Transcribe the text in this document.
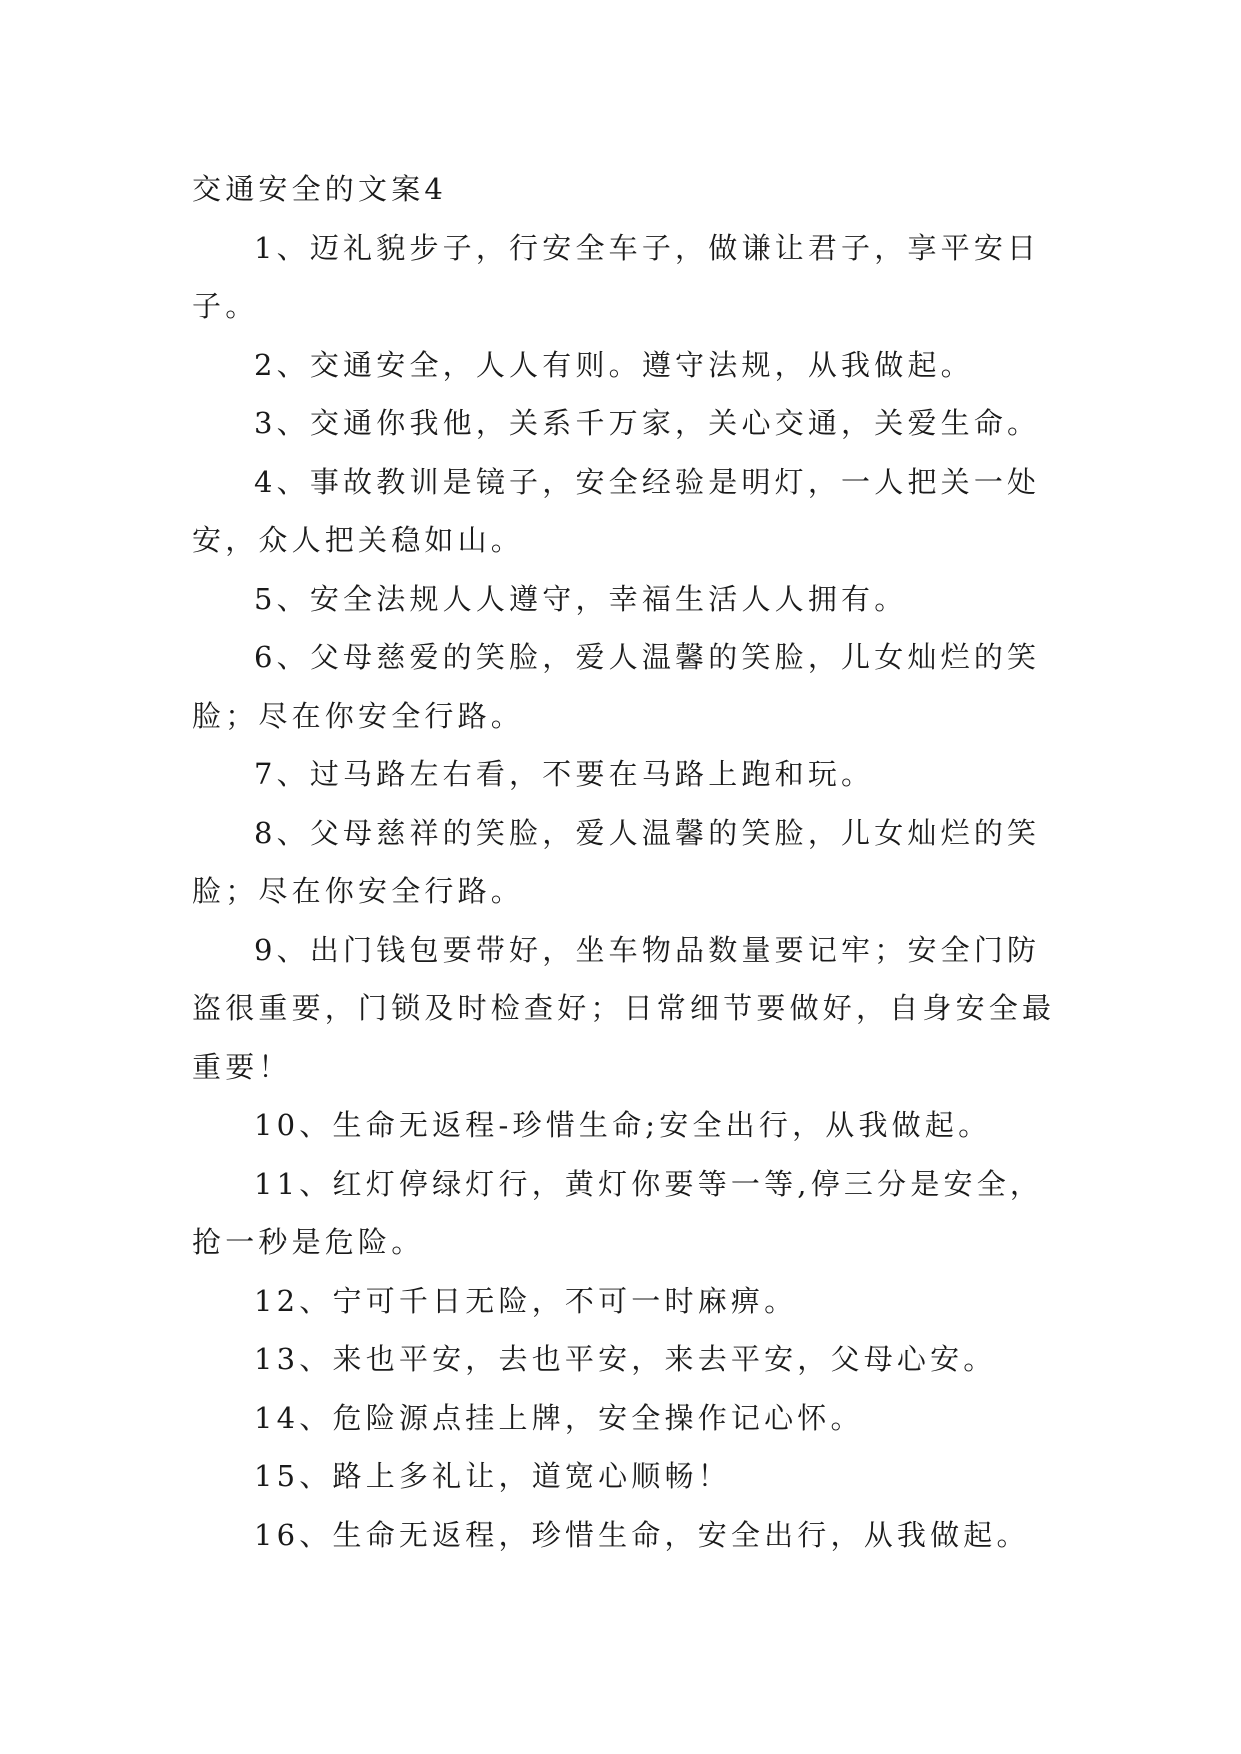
交通安全的文案4

1、迈礼貌步子，行安全车子，做谦让君子，享平安日子。

2、交通安全，人人有则。遵守法规，从我做起。

3、交通你我他，关系千万家，关心交通，关爱生命。

4、事故教训是镜子，安全经验是明灯，一人把关一处安，众人把关稳如山。

5、安全法规人人遵守，幸福生活人人拥有。

6、父母慈爱的笑脸，爱人温馨的笑脸，儿女灿烂的笑脸；尽在你安全行路。

7、过马路左右看，不要在马路上跑和玩。

8、父母慈祥的笑脸，爱人温馨的笑脸，儿女灿烂的笑脸；尽在你安全行路。

9、出门钱包要带好，坐车物品数量要记牢；安全门防盗很重要，门锁及时检查好；日常细节要做好，自身安全最重要！

10、生命无返程-珍惜生命;安全出行，从我做起。

11、红灯停绿灯行，黄灯你要等一等,停三分是安全，抢一秒是危险。

12、宁可千日无险，不可一时麻痹。

13、来也平安，去也平安，来去平安，父母心安。

14、危险源点挂上牌，安全操作记心怀。

15、路上多礼让，道宽心顺畅！

16、生命无返程，珍惜生命，安全出行，从我做起。
